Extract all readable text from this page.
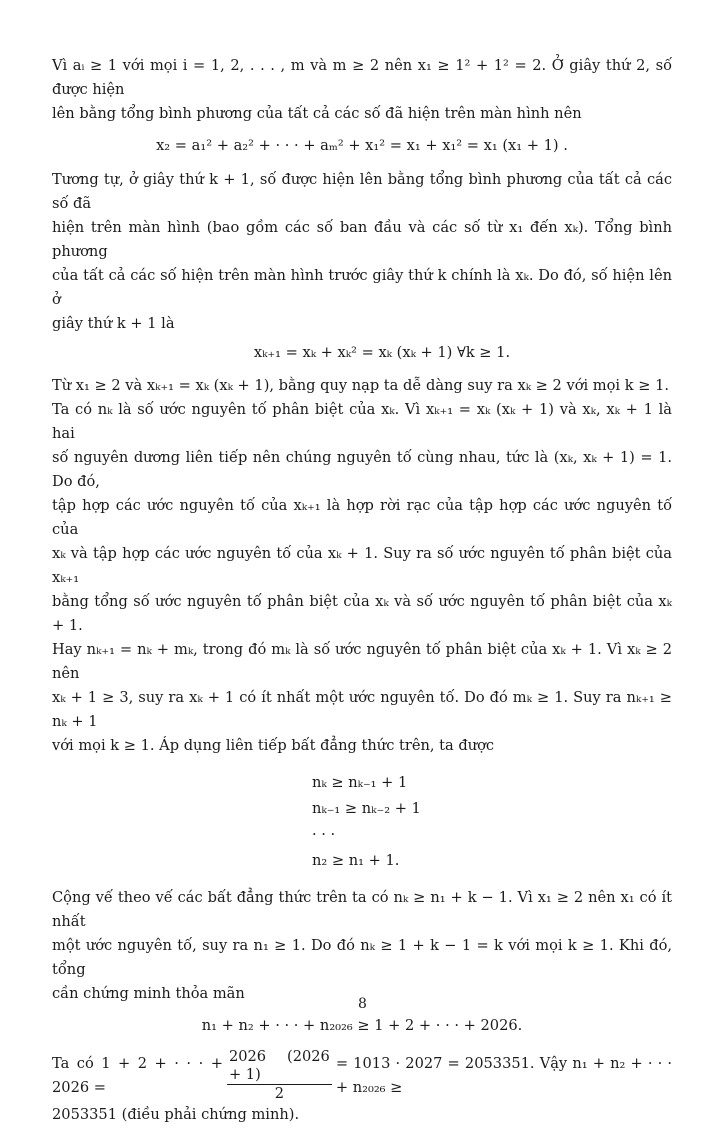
Vì aᵢ ≥ 1 với mọi i = 1, 2, . . . , m và m ≥ 2 nên x₁ ≥ 1² + 1² = 2. Ở giây thứ 2, số được hiện
lên bằng tổng bình phương của tất cả các số đã hiện trên màn hình nên
x₂ = a₁² + a₂² + · · · + aₘ² + x₁² = x₁ + x₁² = x₁ (x₁ + 1) .
Tương tự, ở giây thứ k + 1, số được hiện lên bằng tổng bình phương của tất cả các số đã
hiện trên màn hình (bao gồm các số ban đầu và các số từ x₁ đến xₖ). Tổng bình phương
của tất cả các số hiện trên màn hình trước giây thứ k chính là xₖ. Do đó, số hiện lên ở
giây thứ k + 1 là
xₖ₊₁ = xₖ + xₖ² = xₖ (xₖ + 1) ∀k ≥ 1.
Từ x₁ ≥ 2 và xₖ₊₁ = xₖ (xₖ + 1), bằng quy nạp ta dễ dàng suy ra xₖ ≥ 2 với mọi k ≥ 1.
Ta có nₖ là số ước nguyên tố phân biệt của xₖ. Vì xₖ₊₁ = xₖ (xₖ + 1) và xₖ, xₖ + 1 là hai
số nguyên dương liên tiếp nên chúng nguyên tố cùng nhau, tức là (xₖ, xₖ + 1) = 1. Do đó,
tập hợp các ước nguyên tố của xₖ₊₁ là hợp rời rạc của tập hợp các ước nguyên tố của
xₖ và tập hợp các ước nguyên tố của xₖ + 1. Suy ra số ước nguyên tố phân biệt của xₖ₊₁
bằng tổng số ước nguyên tố phân biệt của xₖ và số ước nguyên tố phân biệt của xₖ + 1.
Hay nₖ₊₁ = nₖ + mₖ, trong đó mₖ là số ước nguyên tố phân biệt của xₖ + 1. Vì xₖ ≥ 2 nên
xₖ + 1 ≥ 3, suy ra xₖ + 1 có ít nhất một ước nguyên tố. Do đó mₖ ≥ 1. Suy ra nₖ₊₁ ≥ nₖ + 1
với mọi k ≥ 1. Áp dụng liên tiếp bất đẳng thức trên, ta được
nₖ ≥ nₖ₋₁ + 1
nₖ₋₁ ≥ nₖ₋₂ + 1
· · ·
n₂ ≥ n₁ + 1.
Cộng vế theo vế các bất đẳng thức trên ta có nₖ ≥ n₁ + k − 1. Vì x₁ ≥ 2 nên x₁ có ít nhất
một ước nguyên tố, suy ra n₁ ≥ 1. Do đó nₖ ≥ 1 + k − 1 = k với mọi k ≥ 1. Khi đó, tổng
cần chứng minh thỏa mãn
n₁ + n₂ + · · · + n₂₀₂₆ ≥ 1 + 2 + · · · + 2026.
Ta có 1 + 2 + · · · + 2026 =	$\frac{2026 (2026 + 1)}{2} = 1013 \cdot 2027 = 2053351$. Vậy n₁ + n₂ + · · · + n₂₀₂₆ ≥
2053351 (điều phải chứng minh).
8
